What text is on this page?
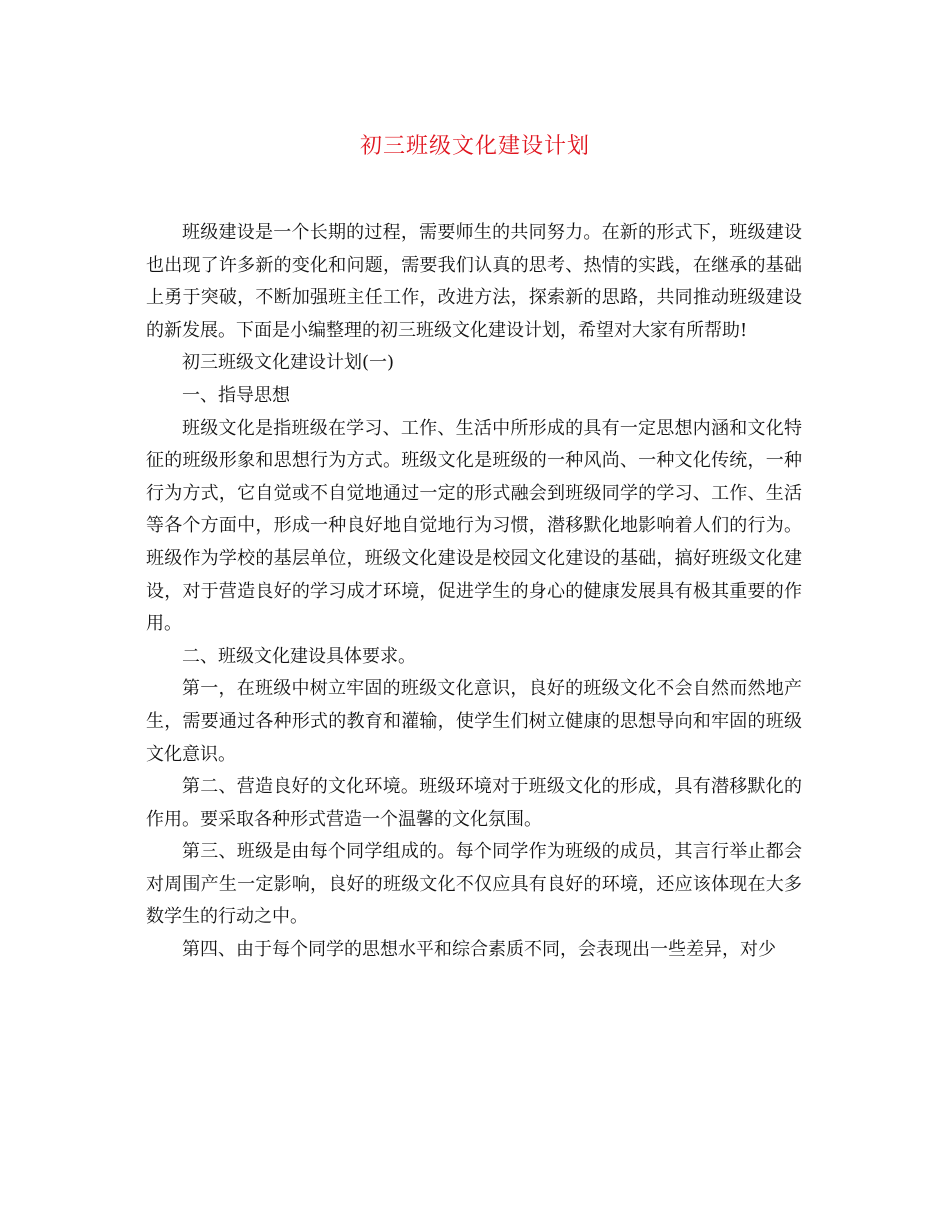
初三班级文化建设计划

班级建设是一个长期的过程，需要师生的共同努力。在新的形式下，班级建设也出现了许多新的变化和问题，需要我们认真的思考、热情的实践，在继承的基础上勇于突破，不断加强班主任工作，改进方法，探索新的思路，共同推动班级建设的新发展。下面是小编整理的初三班级文化建设计划，希望对大家有所帮助!

初三班级文化建设计划(一)

一、指导思想

班级文化是指班级在学习、工作、生活中所形成的具有一定思想内涵和文化特征的班级形象和思想行为方式。班级文化是班级的一种风尚、一种文化传统，一种行为方式，它自觉或不自觉地通过一定的形式融会到班级同学的学习、工作、生活等各个方面中，形成一种良好地自觉地行为习惯，潜移默化地影响着人们的行为。班级作为学校的基层单位，班级文化建设是校园文化建设的基础，搞好班级文化建设，对于营造良好的学习成才环境，促进学生的身心的健康发展具有极其重要的作用。

二、班级文化建设具体要求。

第一，在班级中树立牢固的班级文化意识，良好的班级文化不会自然而然地产生，需要通过各种形式的教育和灌输，使学生们树立健康的思想导向和牢固的班级文化意识。

第二、营造良好的文化环境。班级环境对于班级文化的形成，具有潜移默化的作用。要采取各种形式营造一个温馨的文化氛围。

第三、班级是由每个同学组成的。每个同学作为班级的成员，其言行举止都会对周围产生一定影响，良好的班级文化不仅应具有良好的环境，还应该体现在大多数学生的行动之中。

第四、由于每个同学的思想水平和综合素质不同，会表现出一些差异，对少
